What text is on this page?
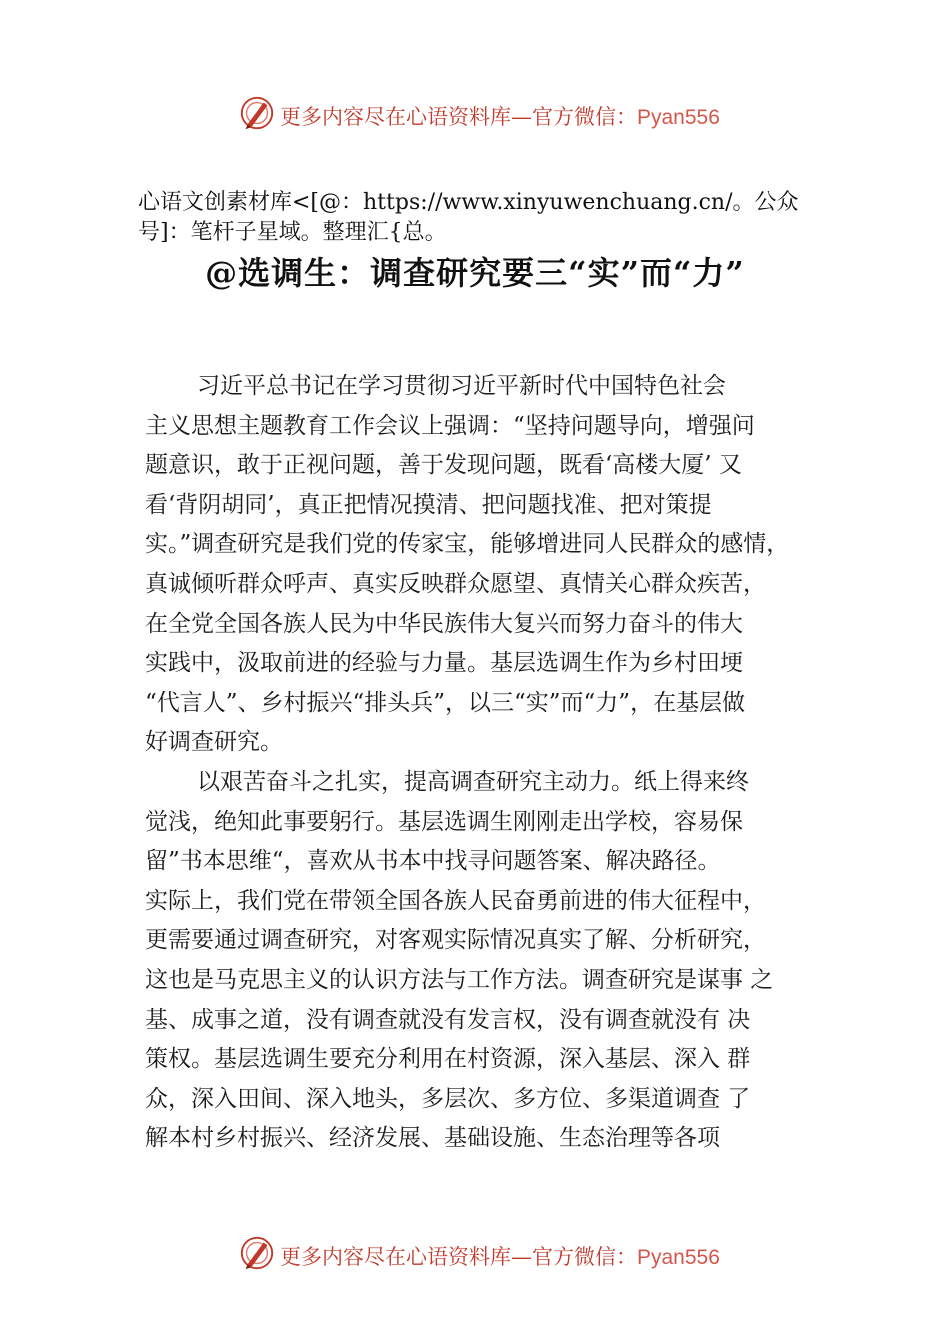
更多内容尽在心语资料库—官方微信：Pyan556
心语文创素材库<[@：https://www.xinyuwenchuang.cn/。公众
号]：笔杆子星域。整理汇{总。
@选调生：调查研究要三“实”而“力”
习近平总书记在学习贯彻习近平新时代中国特色社会
主义思想主题教育工作会议上强调：“坚持问题导向，增强问
题意识，敢于正视问题，善于发现问题，既看‘高楼大厦’ 又
看‘背阴胡同’，真正把情况摸清、把问题找准、把对策提
实。”调查研究是我们党的传家宝，能够增进同人民群众的感情，
真诚倾听群众呼声、真实反映群众愿望、真情关心群众疾苦，
在全党全国各族人民为中华民族伟大复兴而努力奋斗的伟大
实践中，汲取前进的经验与力量。基层选调生作为乡村田埂
“代言人”、乡村振兴“排头兵”，以三“实”而“力”，在基层做
好调查研究。
以艰苦奋斗之扎实，提高调查研究主动力。纸上得来终
觉浅，绝知此事要躬行。基层选调生刚刚走出学校，容易保
留”书本思维“，喜欢从书本中找寻问题答案、解决路径。
实际上，我们党在带领全国各族人民奋勇前进的伟大征程中，
更需要通过调查研究，对客观实际情况真实了解、分析研究，
这也是马克思主义的认识方法与工作方法。调查研究是谋事 之
基、成事之道，没有调查就没有发言权，没有调查就没有 决
策权。基层选调生要充分利用在村资源，深入基层、深入 群
众，深入田间、深入地头，多层次、多方位、多渠道调查 了
解本村乡村振兴、经济发展、基础设施、生态治理等各项
更多内容尽在心语资料库—官方微信：Pyan556
